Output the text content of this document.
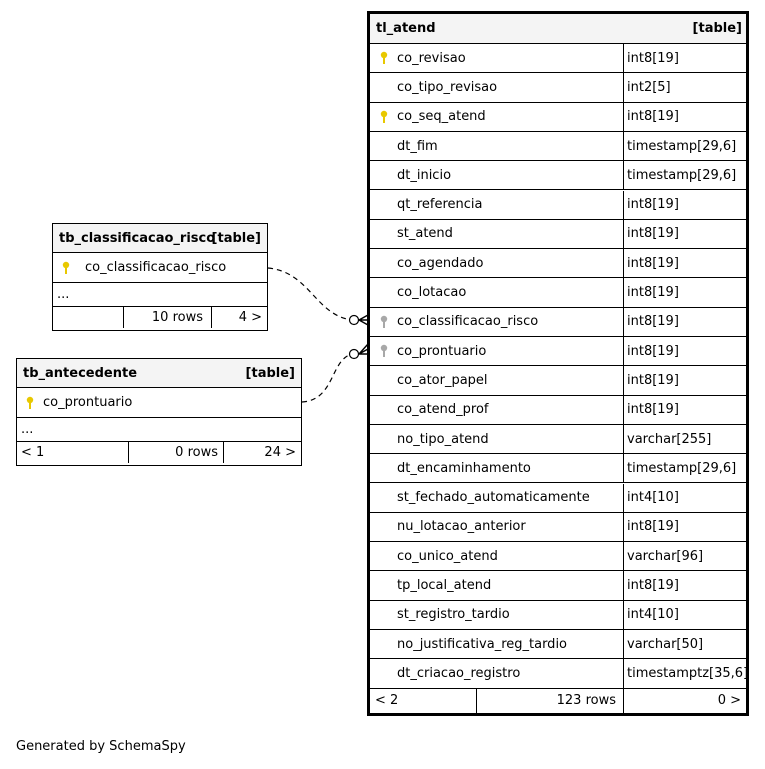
tb_classificacao_risco
[table]
co_classificacao_risco
...
10 rows	4 >
tb_antecedente	[table]
co_prontuario
...
< 1	0 rows	24 >
tl_atend	[table]
co_revisao	int8[19]
co_tipo_revisao	int2[5]
co_seq_atend	int8[19]
dt_fim	timestamp[29,6]
dt_inicio	timestamp[29,6]
qt_referencia	int8[19]
st_atend	int8[19]
co_agendado	int8[19]
co_lotacao	int8[19]
co_classificacao_risco	int8[19]
co_prontuario	int8[19]
co_ator_papel	int8[19]
co_atend_prof	int8[19]
no_tipo_atend	varchar[255]
dt_encaminhamento	timestamp[29,6]
st_fechado_automaticamente	int4[10]
nu_lotacao_anterior	int8[19]
co_unico_atend	varchar[96]
tp_local_atend	int8[19]
st_registro_tardio	int4[10]
no_justificativa_reg_tardio	varchar[50]
dt_criacao_registro	timestamptz[35,6]
< 2	123 rows	0 >
Generated by SchemaSpy
